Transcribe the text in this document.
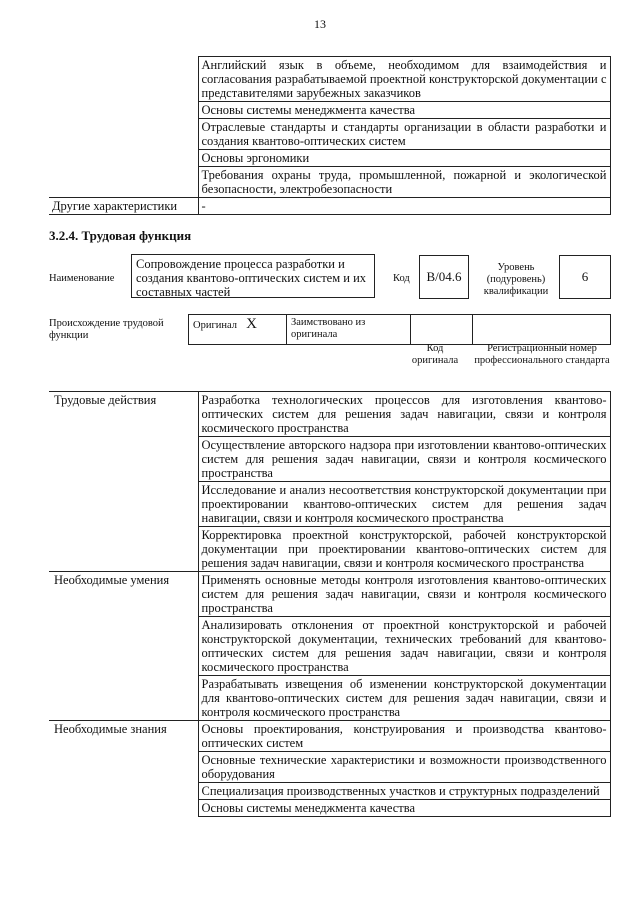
13
	Английский язык в объеме, необходимом для взаимодействия и согласования разрабатываемой проектной конструкторской документации с представителями зарубежных заказчиков
	Основы системы менеджмента качества
	Отраслевые стандарты и стандарты организации в области разработки и создания квантово-оптических систем
	Основы эргономики
	Требования охраны труда, промышленной, пожарной и экологической безопасности, электробезопасности
Другие характеристики	-
3.2.4. Трудовая функция
Наименование
Сопровождение процесса разработки и создания квантово-оптических систем и их составных частей
Код	B/04.6
Уровень (подуровень) квалификации
6
Происхождение трудовой функции
Оригинал X	Заимствовано из оригинала		
Код оригинала
Регистрационный номер профессионального стандарта
Трудовые действия	Разработка технологических процессов для изготовления квантово-оптических систем для решения задач навигации, связи и контроля космического пространства
	Осуществление авторского надзора при изготовлении квантово-оптических систем для решения задач навигации, связи и контроля космического пространства
	Исследование и анализ несоответствия конструкторской документации при проектировании квантово-оптических систем для решения задач навигации, связи и контроля космического пространства
	Корректировка проектной конструкторской, рабочей конструкторской документации при проектировании квантово-оптических систем для решения задач навигации, связи и контроля космического пространства
Необходимые умения	Применять основные методы контроля изготовления квантово-оптических систем для решения задач навигации, связи и контроля космического пространства
	Анализировать отклонения от проектной конструкторской и рабочей конструкторской документации, технических требований для квантово-оптических систем для решения задач навигации, связи и контроля космического пространства
	Разрабатывать извещения об изменении конструкторской документации для квантово-оптических систем для решения задач навигации, связи и контроля космического пространства
Необходимые знания	Основы проектирования, конструирования и производства квантово-оптических систем
	Основные технические характеристики и возможности производственного оборудования
	Специализация производственных участков и структурных подразделений
	Основы системы менеджмента качества
